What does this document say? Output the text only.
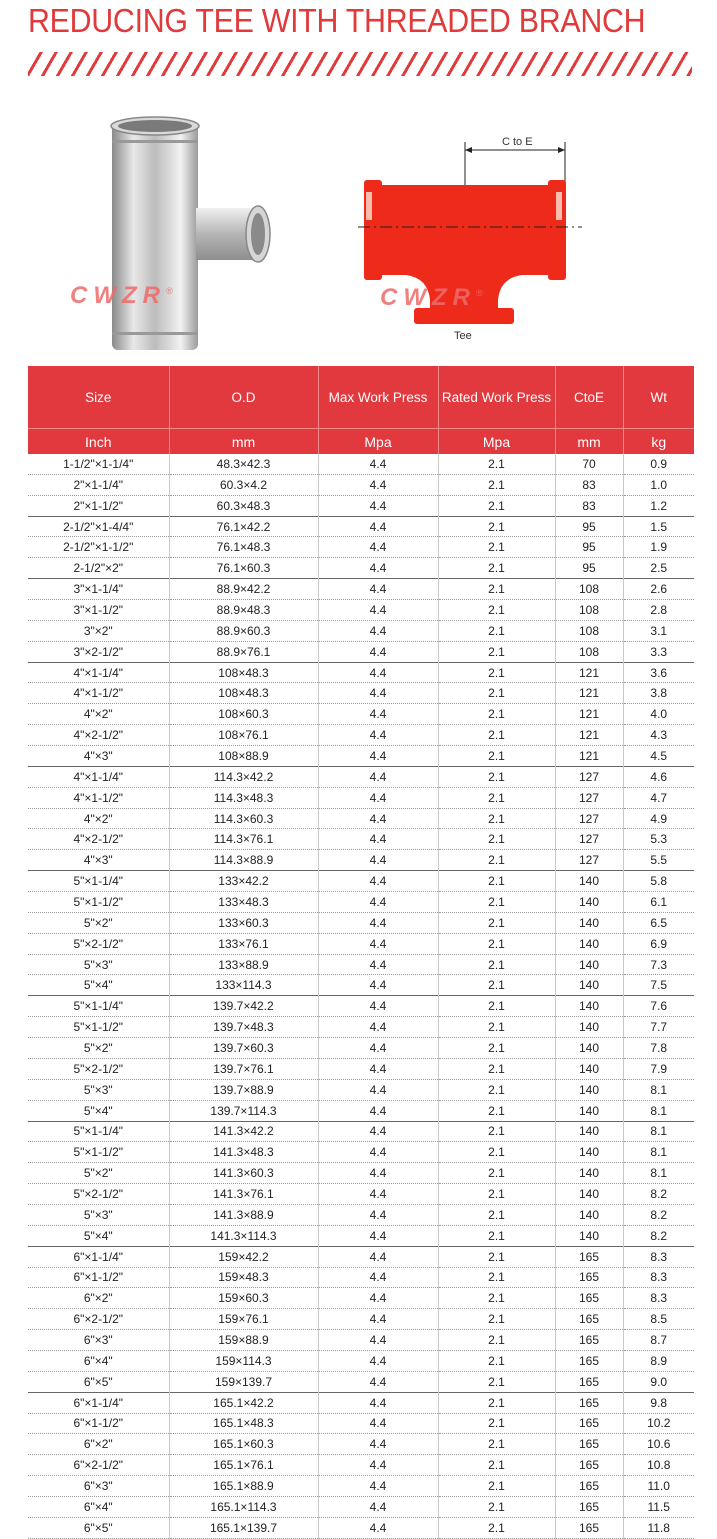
REDUCING TEE WITH THREADED BRANCH
CWZR®
C to E
CWZR®
Tee
Size	O.D	Max Work Press	Rated Work Press	CtoE	Wt
Inch	mm	Mpa	Mpa	mm	kg
1-1/2"×1-1/4"	48.3×42.3	4.4	2.1	70	0.9
2"×1-1/4"	60.3×4.2	4.4	2.1	83	1.0
2"×1-1/2"	60.3×48.3	4.4	2.1	83	1.2
2-1/2"×1-4/4"	76.1×42.2	4.4	2.1	95	1.5
2-1/2"×1-1/2"	76.1×48.3	4.4	2.1	95	1.9
2-1/2"×2"	76.1×60.3	4.4	2.1	95	2.5
3"×1-1/4"	88.9×42.2	4.4	2.1	108	2.6
3"×1-1/2"	88.9×48.3	4.4	2.1	108	2.8
3"×2"	88.9×60.3	4.4	2.1	108	3.1
3"×2-1/2"	88.9×76.1	4.4	2.1	108	3.3
4"×1-1/4"	108×48.3	4.4	2.1	121	3.6
4"×1-1/2"	108×48.3	4.4	2.1	121	3.8
4"×2"	108×60.3	4.4	2.1	121	4.0
4"×2-1/2"	108×76.1	4.4	2.1	121	4.3
4"×3"	108×88.9	4.4	2.1	121	4.5
4"×1-1/4"	114.3×42.2	4.4	2.1	127	4.6
4"×1-1/2"	114.3×48.3	4.4	2.1	127	4.7
4"×2"	114.3×60.3	4.4	2.1	127	4.9
4"×2-1/2"	114.3×76.1	4.4	2.1	127	5.3
4"×3"	114.3×88.9	4.4	2.1	127	5.5
5"×1-1/4"	133×42.2	4.4	2.1	140	5.8
5"×1-1/2"	133×48.3	4.4	2.1	140	6.1
5"×2"	133×60.3	4.4	2.1	140	6.5
5"×2-1/2"	133×76.1	4.4	2.1	140	6.9
5"×3"	133×88.9	4.4	2.1	140	7.3
5"×4"	133×114.3	4.4	2.1	140	7.5
5"×1-1/4"	139.7×42.2	4.4	2.1	140	7.6
5"×1-1/2"	139.7×48.3	4.4	2.1	140	7.7
5"×2"	139.7×60.3	4.4	2.1	140	7.8
5"×2-1/2"	139.7×76.1	4.4	2.1	140	7.9
5"×3"	139.7×88.9	4.4	2.1	140	8.1
5"×4"	139.7×114.3	4.4	2.1	140	8.1
5"×1-1/4"	141.3×42.2	4.4	2.1	140	8.1
5"×1-1/2"	141.3×48.3	4.4	2.1	140	8.1
5"×2"	141.3×60.3	4.4	2.1	140	8.1
5"×2-1/2"	141.3×76.1	4.4	2.1	140	8.2
5"×3"	141.3×88.9	4.4	2.1	140	8.2
5"×4"	141.3×114.3	4.4	2.1	140	8.2
6"×1-1/4"	159×42.2	4.4	2.1	165	8.3
6"×1-1/2"	159×48.3	4.4	2.1	165	8.3
6"×2"	159×60.3	4.4	2.1	165	8.3
6"×2-1/2"	159×76.1	4.4	2.1	165	8.5
6"×3"	159×88.9	4.4	2.1	165	8.7
6"×4"	159×114.3	4.4	2.1	165	8.9
6"×5"	159×139.7	4.4	2.1	165	9.0
6"×1-1/4"	165.1×42.2	4.4	2.1	165	9.8
6"×1-1/2"	165.1×48.3	4.4	2.1	165	10.2
6"×2"	165.1×60.3	4.4	2.1	165	10.6
6"×2-1/2"	165.1×76.1	4.4	2.1	165	10.8
6"×3"	165.1×88.9	4.4	2.1	165	11.0
6"×4"	165.1×114.3	4.4	2.1	165	11.5
6"×5"	165.1×139.7	4.4	2.1	165	11.8
